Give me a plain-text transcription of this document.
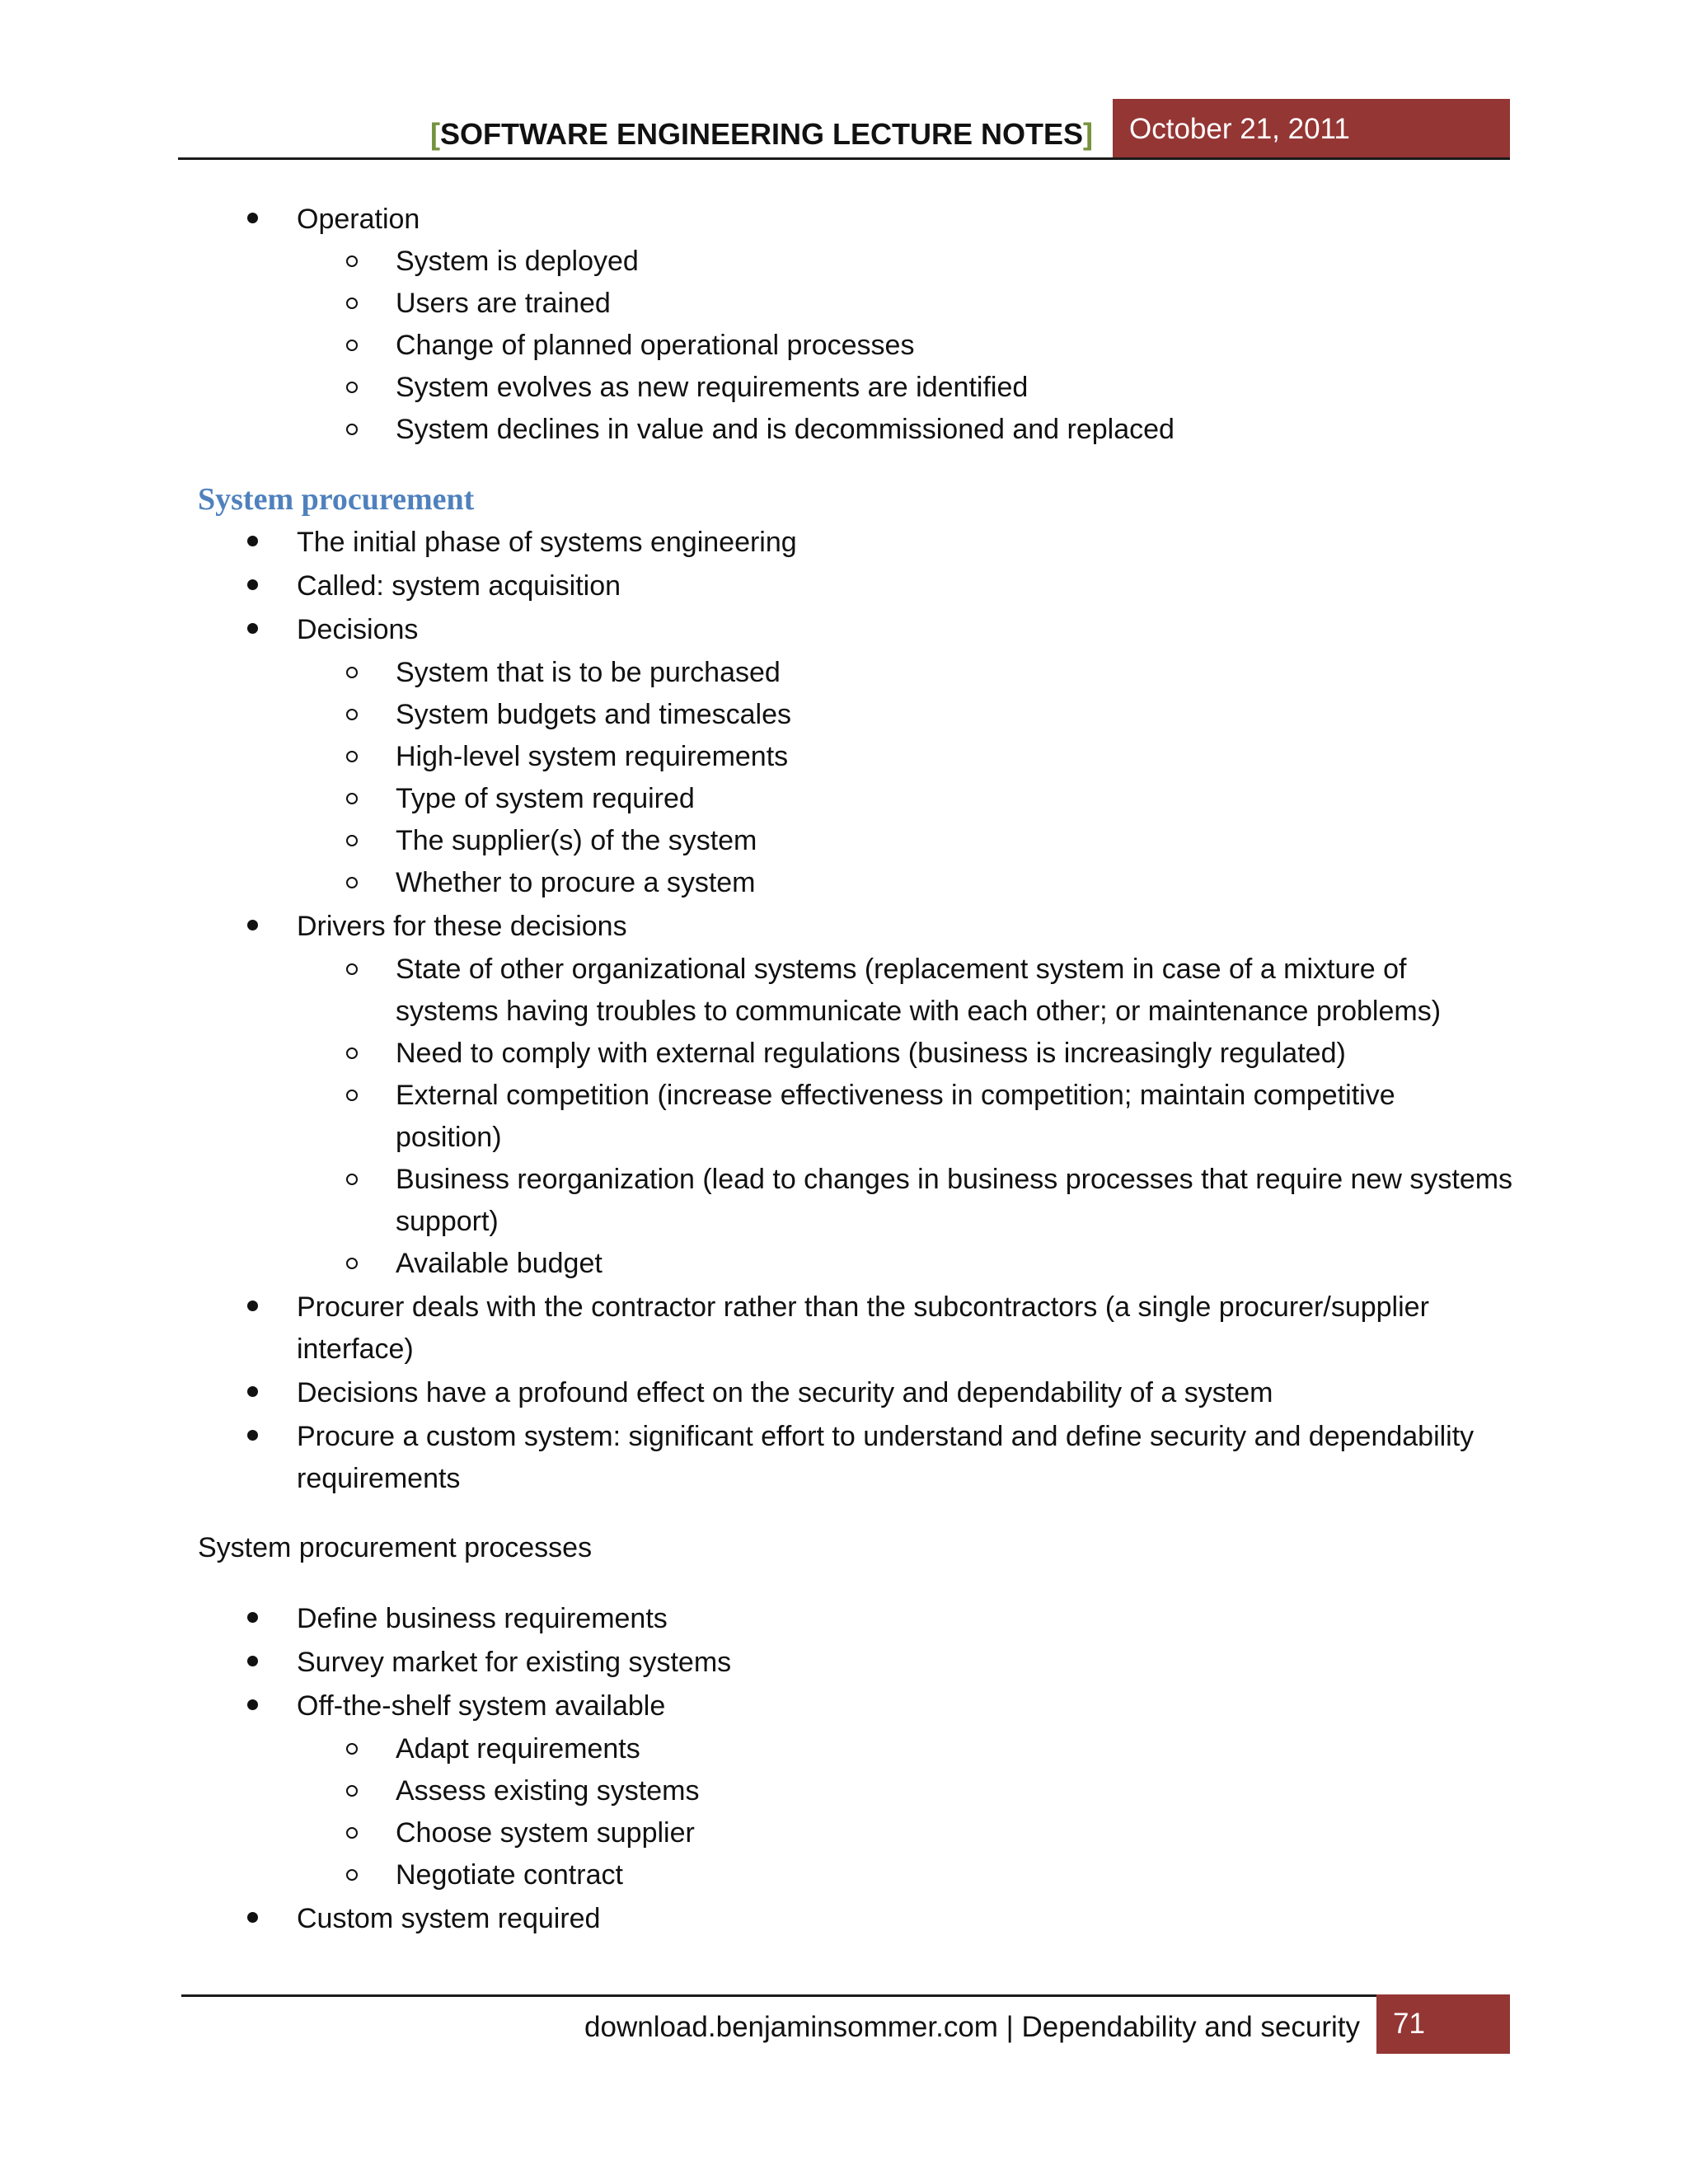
[SOFTWARE ENGINEERING LECTURE NOTES]	October 21, 2011
Operation
System is deployed
Users are trained
Change of planned operational processes
System evolves as new requirements are identified
System declines in value and is decommissioned and replaced
System procurement
The initial phase of systems engineering
Called: system acquisition
Decisions
System that is to be purchased
System budgets and timescales
High-level system requirements
Type of system required
The supplier(s) of the system
Whether to procure a system
Drivers for these decisions
State of other organizational systems (replacement system in case of a mixture of
systems having troubles to communicate with each other; or maintenance problems)
Need to comply with external regulations (business is increasingly regulated)
External competition (increase effectiveness in competition; maintain competitive
position)
Business reorganization (lead to changes in business processes that require new systems
support)
Available budget
Procurer deals with the contractor rather than the subcontractors (a single procurer/supplier
interface)
Decisions have a profound effect on the security and dependability of a system
Procure a custom system: significant effort to understand and define security and dependability
requirements
System procurement processes
Define business requirements
Survey market for existing systems
Off-the-shelf system available
Adapt requirements
Assess existing systems
Choose system supplier
Negotiate contract
Custom system required
download.benjaminsommer.com | Dependability and security	71
